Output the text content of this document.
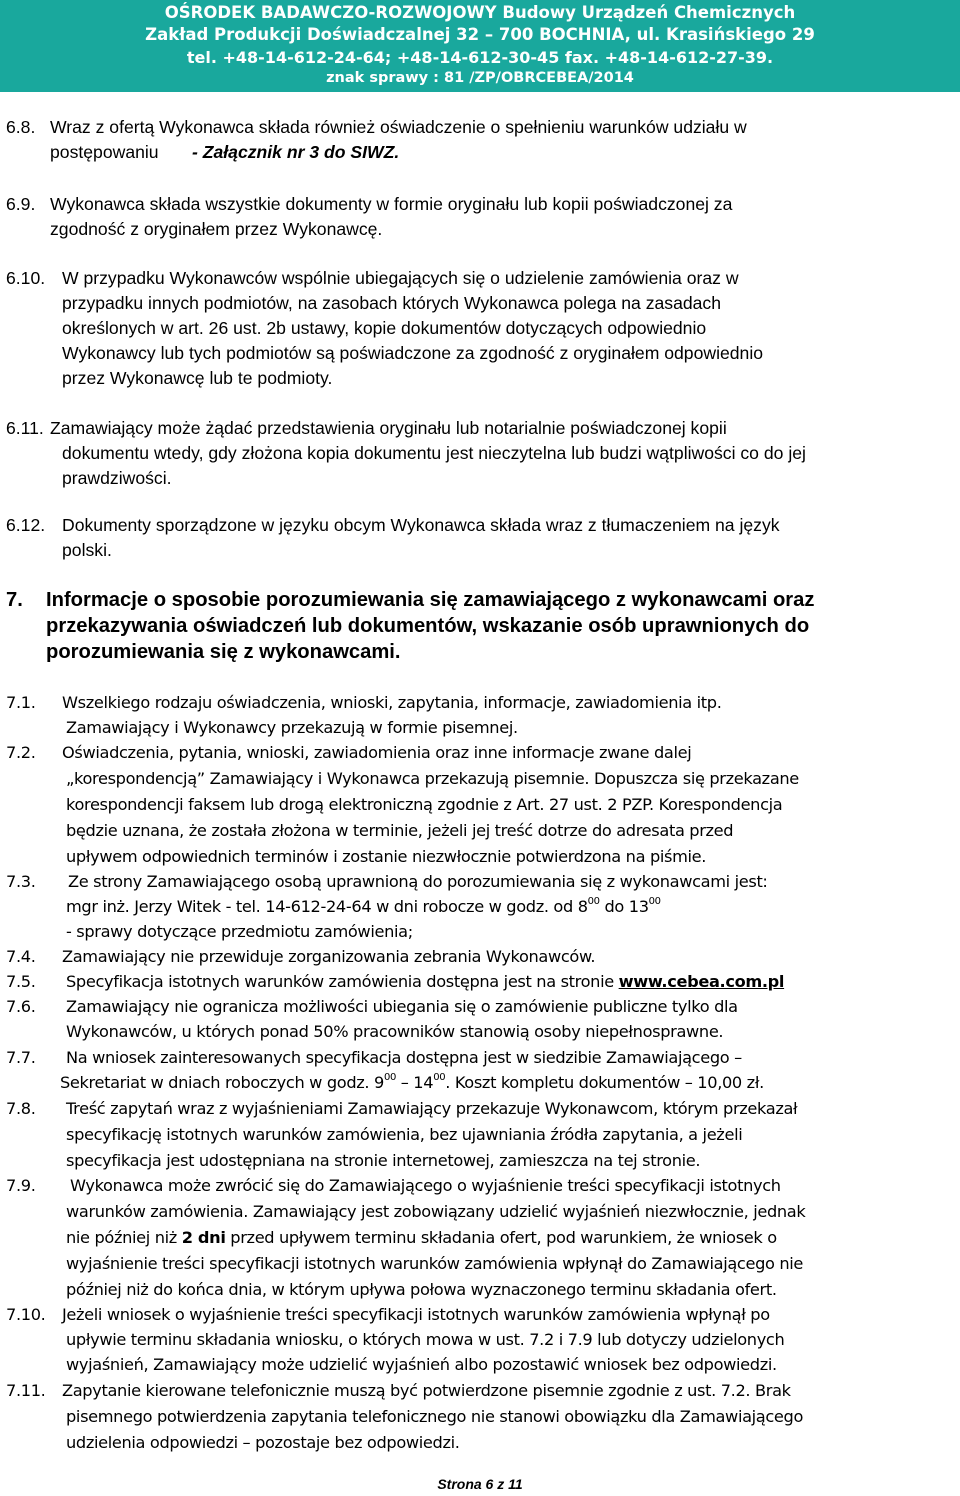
OŚRODEK BADAWCZO-ROZWOJOWY Budowy Urządzeń Chemicznych
Zakład Produkcji Doświadczalnej 32 – 700 BOCHNIA, ul. Krasińskiego 29
tel. +48-14-612-24-64; +48-14-612-30-45 fax. +48-14-612-27-39.
znak sprawy : 81 /ZP/OBRCEBEA/2014
6.8. Wraz z ofertą Wykonawca składa również oświadczenie o spełnieniu warunków udziału w
postępowaniu - Załącznik nr 3 do SIWZ.
6.9. Wykonawca składa wszystkie dokumenty w formie oryginału lub kopii poświadczonej za
zgodność z oryginałem przez Wykonawcę.
6.10. W przypadku Wykonawców wspólnie ubiegających się o udzielenie zamówienia oraz w
przypadku innych podmiotów, na zasobach których Wykonawca polega na zasadach
określonych w art. 26 ust. 2b ustawy, kopie dokumentów dotyczących odpowiednio
Wykonawcy lub tych podmiotów są poświadczone za zgodność z oryginałem odpowiednio
przez Wykonawcę lub te podmioty.
6.11. Zamawiający może żądać przedstawienia oryginału lub notarialnie poświadczonej kopii
dokumentu wtedy, gdy złożona kopia dokumentu jest nieczytelna lub budzi wątpliwości co do jej
prawdziwości.
6.12. Dokumenty sporządzone w języku obcym Wykonawca składa wraz z tłumaczeniem na język
polski.
7. Informacje o sposobie porozumiewania się zamawiającego z wykonawcami oraz
przekazywania oświadczeń lub dokumentów, wskazanie osób uprawnionych do
porozumiewania się z wykonawcami.
7.1. Wszelkiego rodzaju oświadczenia, wnioski, zapytania, informacje, zawiadomienia itp.
Zamawiający i Wykonawcy przekazują w formie pisemnej.
7.2. Oświadczenia, pytania, wnioski, zawiadomienia oraz inne informacje zwane dalej
„korespondencją” Zamawiający i Wykonawca przekazują pisemnie. Dopuszcza się przekazane
korespondencji faksem lub drogą elektroniczną zgodnie z Art. 27 ust. 2 PZP. Korespondencja
będzie uznana, że została złożona w terminie, jeżeli jej treść dotrze do adresata przed
upływem odpowiednich terminów i zostanie niezwłocznie potwierdzona na piśmie.
7.3. Ze strony Zamawiającego osobą uprawnioną do porozumiewania się z wykonawcami jest:
mgr inż. Jerzy Witek - tel. 14-612-24-64 w dni robocze w godz. od $8^{00}$ do $13^{00}$
- sprawy dotyczące przedmiotu zamówienia;
7.4. Zamawiający nie przewiduje zorganizowania zebrania Wykonawców.
7.5. Specyfikacja istotnych warunków zamówienia dostępna jest na stronie www.cebea.com.pl
7.6. Zamawiający nie ogranicza możliwości ubiegania się o zamówienie publiczne tylko dla
Wykonawców, u których ponad 50% pracowników stanowią osoby niepełnosprawne.
7.7. Na wniosek zainteresowanych specyfikacja dostępna jest w siedzibie Zamawiającego –
Sekretariat w dniach roboczych w godz. $9^{00} - 14^{00}$. Koszt kompletu dokumentów – 10,00 zł.
7.8. Treść zapytań wraz z wyjaśnieniami Zamawiający przekazuje Wykonawcom, którym przekazał
specyfikację istotnych warunków zamówienia, bez ujawniania źródła zapytania, a jeżeli
specyfikacja jest udostępniana na stronie internetowej, zamieszcza na tej stronie.
7.9. Wykonawca może zwrócić się do Zamawiającego o wyjaśnienie treści specyfikacji istotnych
warunków zamówienia. Zamawiający jest zobowiązany udzielić wyjaśnień niezwłocznie, jednak
nie później niż 2 dni przed upływem terminu składania ofert, pod warunkiem, że wniosek o
wyjaśnienie treści specyfikacji istotnych warunków zamówienia wpłynął do Zamawiającego nie
później niż do końca dnia, w którym upływa połowa wyznaczonego terminu składania ofert.
7.10. Jeżeli wniosek o wyjaśnienie treści specyfikacji istotnych warunków zamówienia wpłynął po
upływie terminu składania wniosku, o których mowa w ust. 7.2 i 7.9 lub dotyczy udzielonych
wyjaśnień, Zamawiający może udzielić wyjaśnień albo pozostawić wniosek bez odpowiedzi.
7.11. Zapytanie kierowane telefonicznie muszą być potwierdzone pisemnie zgodnie z ust. 7.2. Brak
pisemnego potwierdzenia zapytania telefonicznego nie stanowi obowiązku dla Zamawiającego
udzielenia odpowiedzi – pozostaje bez odpowiedzi.
Strona 6 z 11
